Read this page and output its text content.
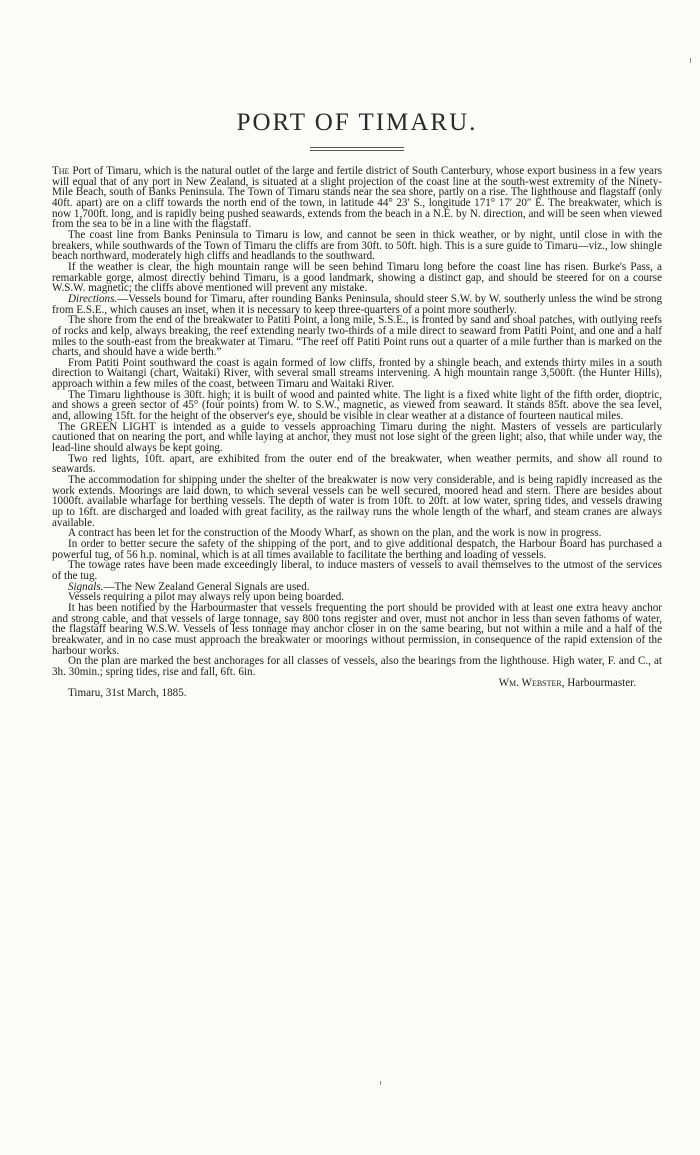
PORT OF TIMARU.

The Port of Timaru, which is the natural outlet of the large and fertile district of South Canterbury, whose export business in a few years will equal that of any port in New Zealand, is situated at a slight projection of the coast line at the south-west extremity of the Ninety-Mile Beach, south of Banks Peninsula. The Town of Timaru stands near the sea shore, partly on a rise. The lighthouse and flagstaff (only 40ft. apart) are on a cliff towards the north end of the town, in latitude 44° 23′ S., longitude 171° 17′ 20″ E. The breakwater, which is now 1,700ft. long, and is rapidly being pushed seawards, extends from the beach in a N.E. by N. direction, and will be seen when viewed from the sea to be in a line with the flagstaff.

The coast line from Banks Peninsula to Timaru is low, and cannot be seen in thick weather, or by night, until close in with the breakers, while southwards of the Town of Timaru the cliffs are from 30ft. to 50ft. high. This is a sure guide to Timaru—viz., low shingle beach northward, moderately high cliffs and headlands to the southward.

If the weather is clear, the high mountain range will be seen behind Timaru long before the coast line has risen. Burke's Pass, a remarkable gorge, almost directly behind Timaru, is a good landmark, showing a distinct gap, and should be steered for on a course W.S.W. magnetic; the cliffs above mentioned will prevent any mistake.

Directions.—Vessels bound for Timaru, after rounding Banks Peninsula, should steer S.W. by W. southerly unless the wind be strong from E.S.E., which causes an inset, when it is necessary to keep three-quarters of a point more southerly.

The shore from the end of the breakwater to Patiti Point, a long mile, S.S.E., is fronted by sand and shoal patches, with outlying reefs of rocks and kelp, always breaking, the reef extending nearly two-thirds of a mile direct to seaward from Patiti Point, and one and a half miles to the south-east from the breakwater at Timaru. “The reef off Patiti Point runs out a quarter of a mile further than is marked on the charts, and should have a wide berth.”

From Patiti Point southward the coast is again formed of low cliffs, fronted by a shingle beach, and extends thirty miles in a south direction to Waitangi (chart, Waitaki) River, with several small streams intervening. A high mountain range 3,500ft. (the Hunter Hills), approach within a few miles of the coast, between Timaru and Waitaki River.

The Timaru lighthouse is 30ft. high; it is built of wood and painted white. The light is a fixed white light of the fifth order, dioptric, and shows a green sector of 45° (four points) from W. to S.W., magnetic, as viewed from seaward. It stands 85ft. above the sea level, and, allowing 15ft. for the height of the observer's eye, should be visible in clear weather at a distance of fourteen nautical miles.

The GREEN LIGHT is intended as a guide to vessels approaching Timaru during the night. Masters of vessels are particularly cautioned that on nearing the port, and while laying at anchor, they must not lose sight of the green light; also, that while under way, the lead-line should always be kept going.

Two red lights, 10ft. apart, are exhibited from the outer end of the breakwater, when weather permits, and show all round to seawards.

The accommodation for shipping under the shelter of the breakwater is now very considerable, and is being rapidly increased as the work extends. Moorings are laid down, to which several vessels can be well secured, moored head and stern. There are besides about 1000ft. available wharfage for berthing vessels. The depth of water is from 10ft. to 20ft. at low water, spring tides, and vessels drawing up to 16ft. are discharged and loaded with great facility, as the railway runs the whole length of the wharf, and steam cranes are always available.

A contract has been let for the construction of the Moody Wharf, as shown on the plan, and the work is now in progress.

In order to better secure the safety of the shipping of the port, and to give additional despatch, the Harbour Board has purchased a powerful tug, of 56 h.p. nominal, which is at all times available to facilitate the berthing and loading of vessels.

The towage rates have been made exceedingly liberal, to induce masters of vessels to avail themselves to the utmost of the services of the tug.

Signals.—The New Zealand General Signals are used.

Vessels requiring a pilot may always rely upon being boarded.

It has been notified by the Harbourmaster that vessels frequenting the port should be provided with at least one extra heavy anchor and strong cable, and that vessels of large tonnage, say 800 tons register and over, must not anchor in less than seven fathoms of water, the flagstaff bearing W.S.W. Vessels of less tonnage may anchor closer in on the same bearing, but not within a mile and a half of the breakwater, and in no case must approach the breakwater or moorings without permission, in consequence of the rapid extension of the harbour works.

On the plan are marked the best anchorages for all classes of vessels, also the bearings from the lighthouse. High water, F. and C., at 3h. 30min.; spring tides, rise and fall, 6ft. 6in.

Wm. Webster, Harbourmaster.

Timaru, 31st March, 1885.
